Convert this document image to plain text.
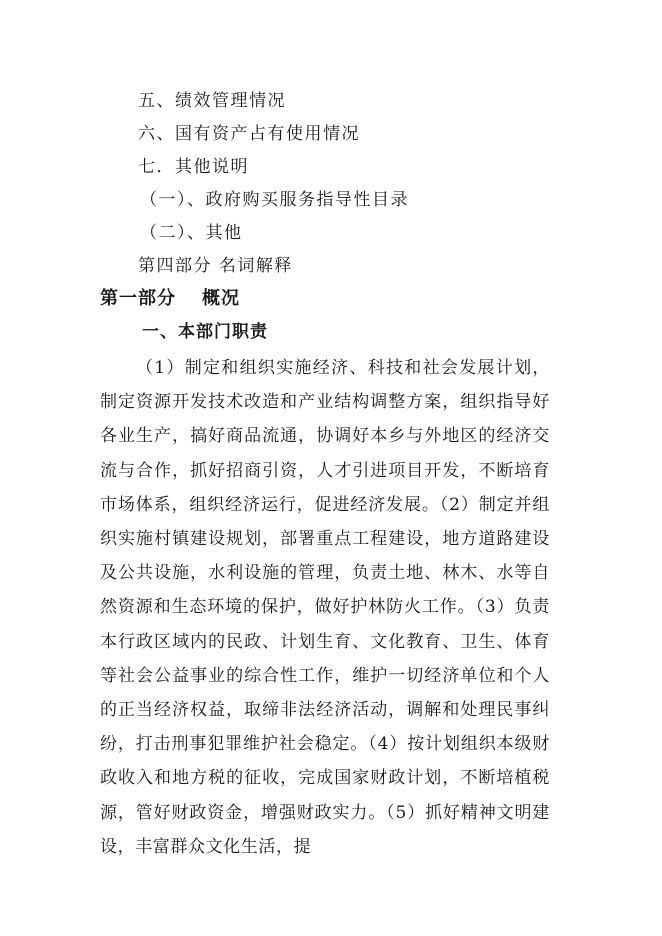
五、绩效管理情况
六、国有资产占有使用情况
七．其他说明
（一）、政府购买服务指导性目录
（二）、其他
第四部分 名词解释
第一部分 概况
一、本部门职责

（1）制定和组织实施经济、科技和社会发展计划，制定资源开发技术改造和产业结构调整方案，组织指导好各业生产，搞好商品流通，协调好本乡与外地区的经济交流与合作，抓好招商引资，人才引进项目开发，不断培育市场体系，组织经济运行，促进经济发展。（2）制定并组织实施村镇建设规划，部署重点工程建设，地方道路建设及公共设施，水利设施的管理，负责土地、林木、水等自然资源和生态环境的保护，做好护林防火工作。（3）负责本行政区域内的民政、计划生育、文化教育、卫生、体育等社会公益事业的综合性工作，维护一切经济单位和个人的正当经济权益，取缔非法经济活动，调解和处理民事纠纷，打击刑事犯罪维护社会稳定。（4）按计划组织本级财政收入和地方税的征收，完成国家财政计划，不断培植税源，管好财政资金，增强财政实力。（5）抓好精神文明建设，丰富群众文化生活，提
